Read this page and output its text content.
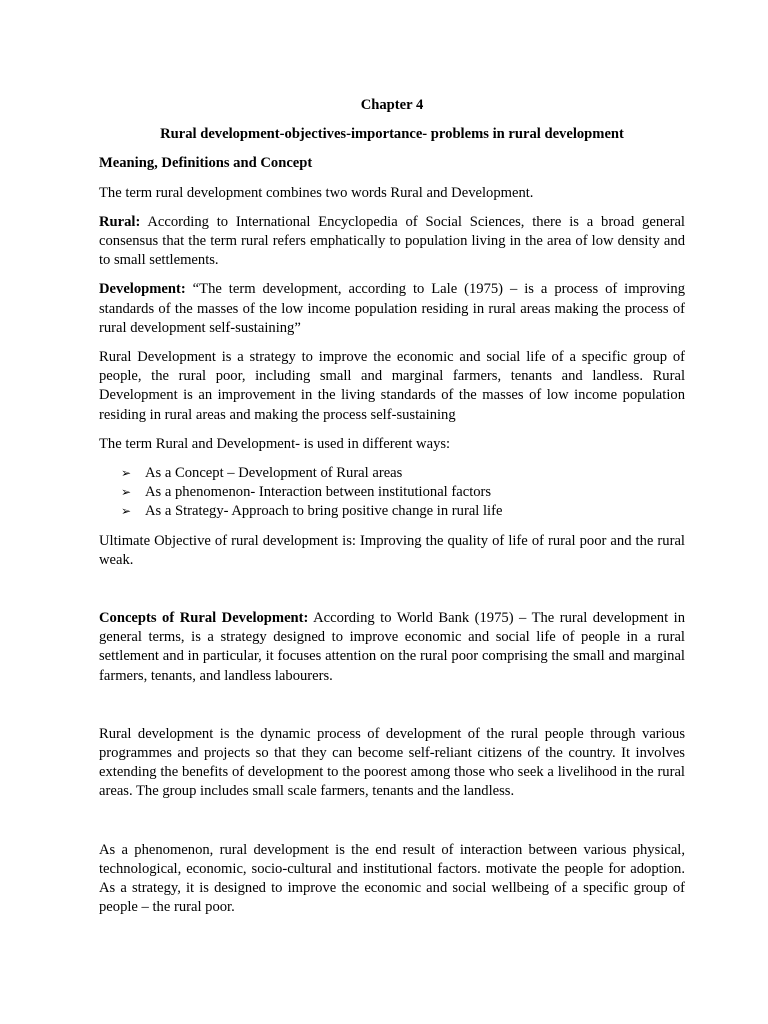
Chapter 4
Rural development-objectives-importance- problems in rural development
Meaning, Definitions and Concept

The term rural development combines two words Rural and Development.

Rural: According to International Encyclopedia of Social Sciences, there is a broad general consensus that the term rural refers emphatically to population living in the area of low density and to small settlements.

Development: “The term development, according to Lale (1975) – is a process of improving standards of the masses of the low income population residing in rural areas making the process of rural development self-sustaining”

Rural Development is a strategy to improve the economic and social life of a specific group of people, the rural poor, including small and marginal farmers, tenants and landless. Rural Development is an improvement in the living standards of the masses of low income population residing in rural areas and making the process self-sustaining

The term Rural and Development- is used in different ways:

➢ As a Concept – Development of Rural areas
➢ As a phenomenon- Interaction between institutional factors
➢ As a Strategy- Approach to bring positive change in rural life

Ultimate Objective of rural development is: Improving the quality of life of rural poor and the rural weak.

Concepts of Rural Development: According to World Bank (1975) – The rural development in general terms, is a strategy designed to improve economic and social life of people in a rural settlement and in particular, it focuses attention on the rural poor comprising the small and marginal farmers, tenants, and landless labourers.

Rural development is the dynamic process of development of the rural people through various programmes and projects so that they can become self-reliant citizens of the country. It involves extending the benefits of development to the poorest among those who seek a livelihood in the rural areas. The group includes small scale farmers, tenants and the landless.

As a phenomenon, rural development is the end result of interaction between various physical, technological, economic, socio-cultural and institutional factors. motivate the people for adoption. As a strategy, it is designed to improve the economic and social wellbeing of a specific group of people – the rural poor.
